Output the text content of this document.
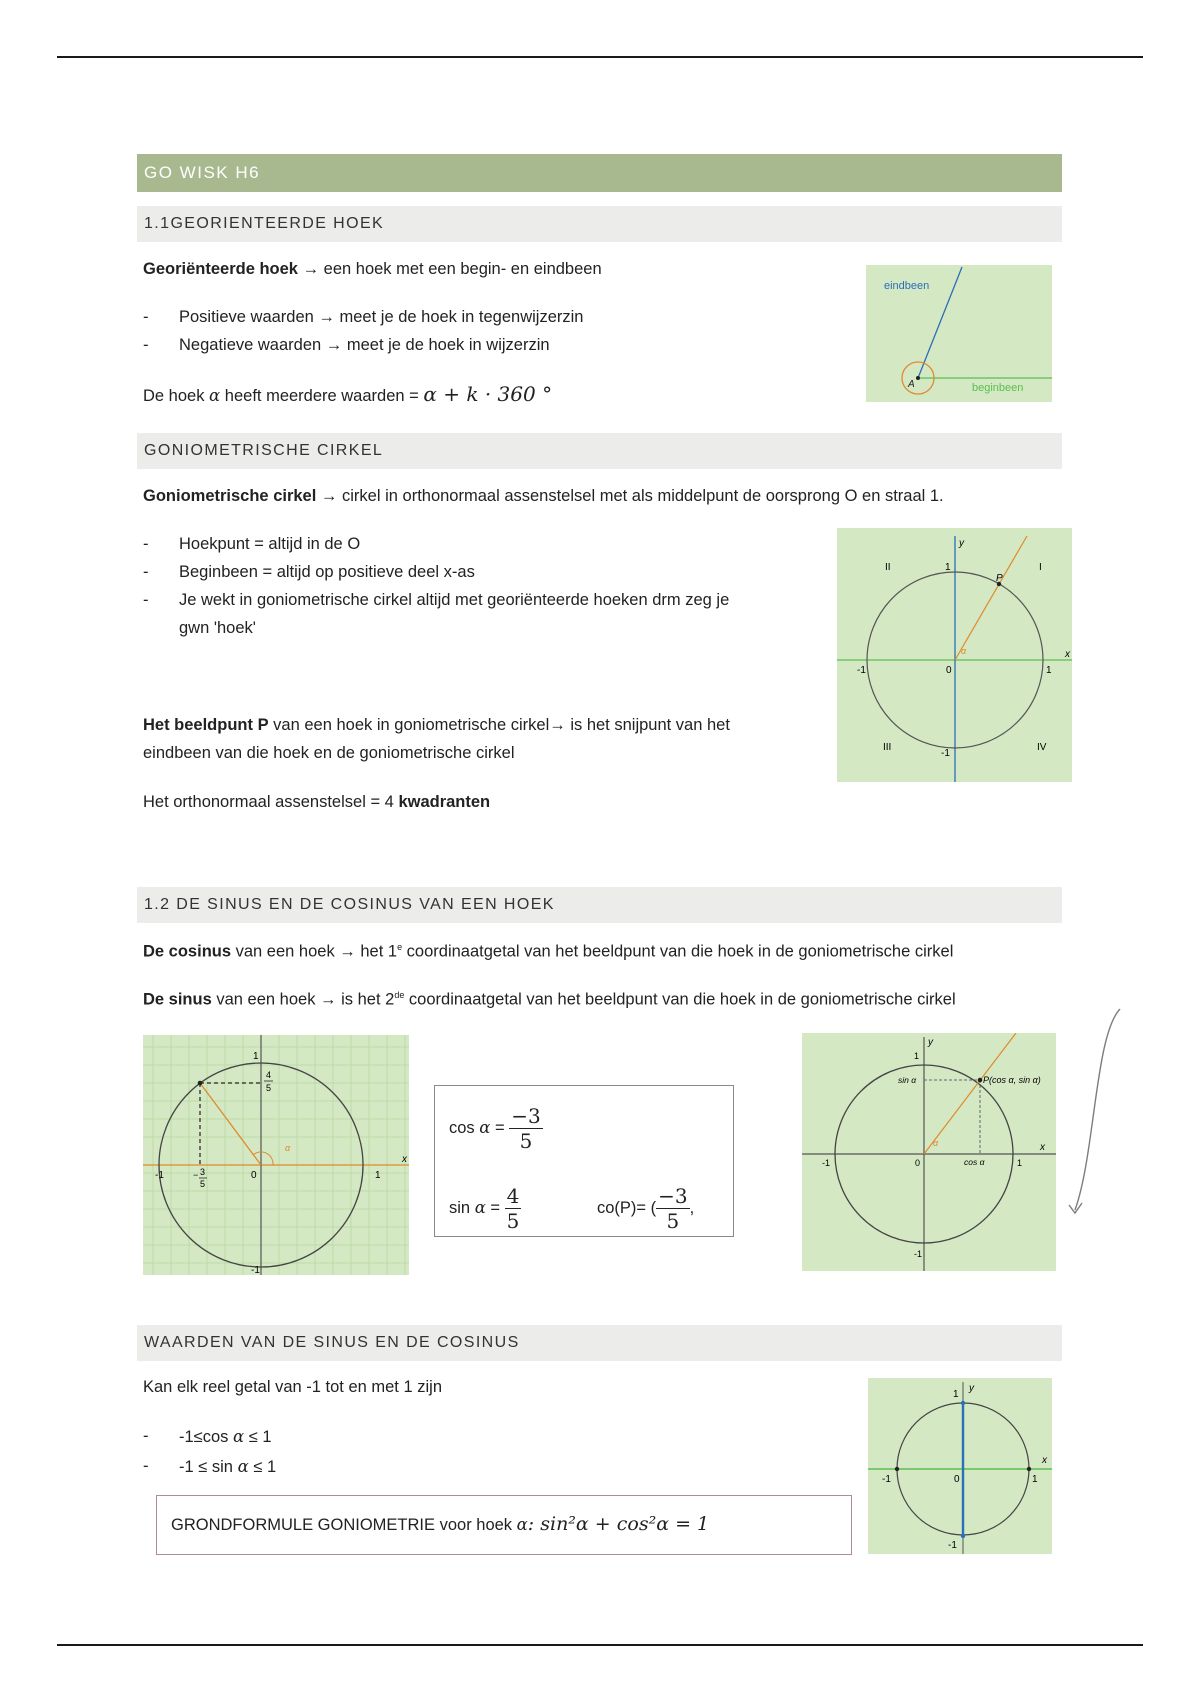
GO WISK H6
1.1GEORIENTEERDE HOEK
Georiënteerde hoek → een hoek met een begin- en eindbeen
- Positieve waarden → meet je de hoek in tegenwijzerzin
- Negatieve waarden → meet je de hoek in wijzerzin
De hoek α heeft meerdere waarden = α + k · 360 °
eindbeen
beginbeen
A
GONIOMETRISCHE CIRKEL
Goniometrische cirkel → cirkel in orthonormaal assenstelsel met als middelpunt de oorsprong O en straal 1.
- Hoekpunt = altijd in de O
- Beginbeen = altijd op positieve deel x-as
- Je wekt in goniometrische cirkel altijd met georiënteerde hoeken drm zeg je
gwn 'hoek'
Het beeldpunt P van een hoek in goniometrische cirkel→ is het snijpunt van het
eindbeen van die hoek en de goniometrische cirkel
Het orthonormaal assenstelsel = 4 kwadranten
P
y
x
1
-1	0	1
-1
α
II	I
III	IV
1.2 DE SINUS EN DE COSINUS VAN EEN HOEK
De cosinus van een hoek → het 1e coordinaatgetal van het beeldpunt van die hoek in de goniometrische cirkel
De sinus van een hoek → is het 2de coordinaatgetal van het beeldpunt van die hoek in de goniometrische cirkel
1
-1	0	1
x
-1
4
5
− 3
5
α
$\cos \alpha = \frac{-3}{5}$
$\sin \alpha = \frac{4}{5}$	co(P)= ( $\frac{-3}{5}$ ,
P(cos α, sin α)
sin α
cos α
y
x
1
-1	0	1
-1
α
WAARDEN VAN DE SINUS EN DE COSINUS
Kan elk reel getal van -1 tot en met 1 zijn
- -1≤cos α ≤ 1
- -1 ≤ sin α ≤ 1
GRONDFORMULE GONIOMETRIE voor hoek α: sin²α + cos²α = 1
1
y
x
-1	0	1
-1
